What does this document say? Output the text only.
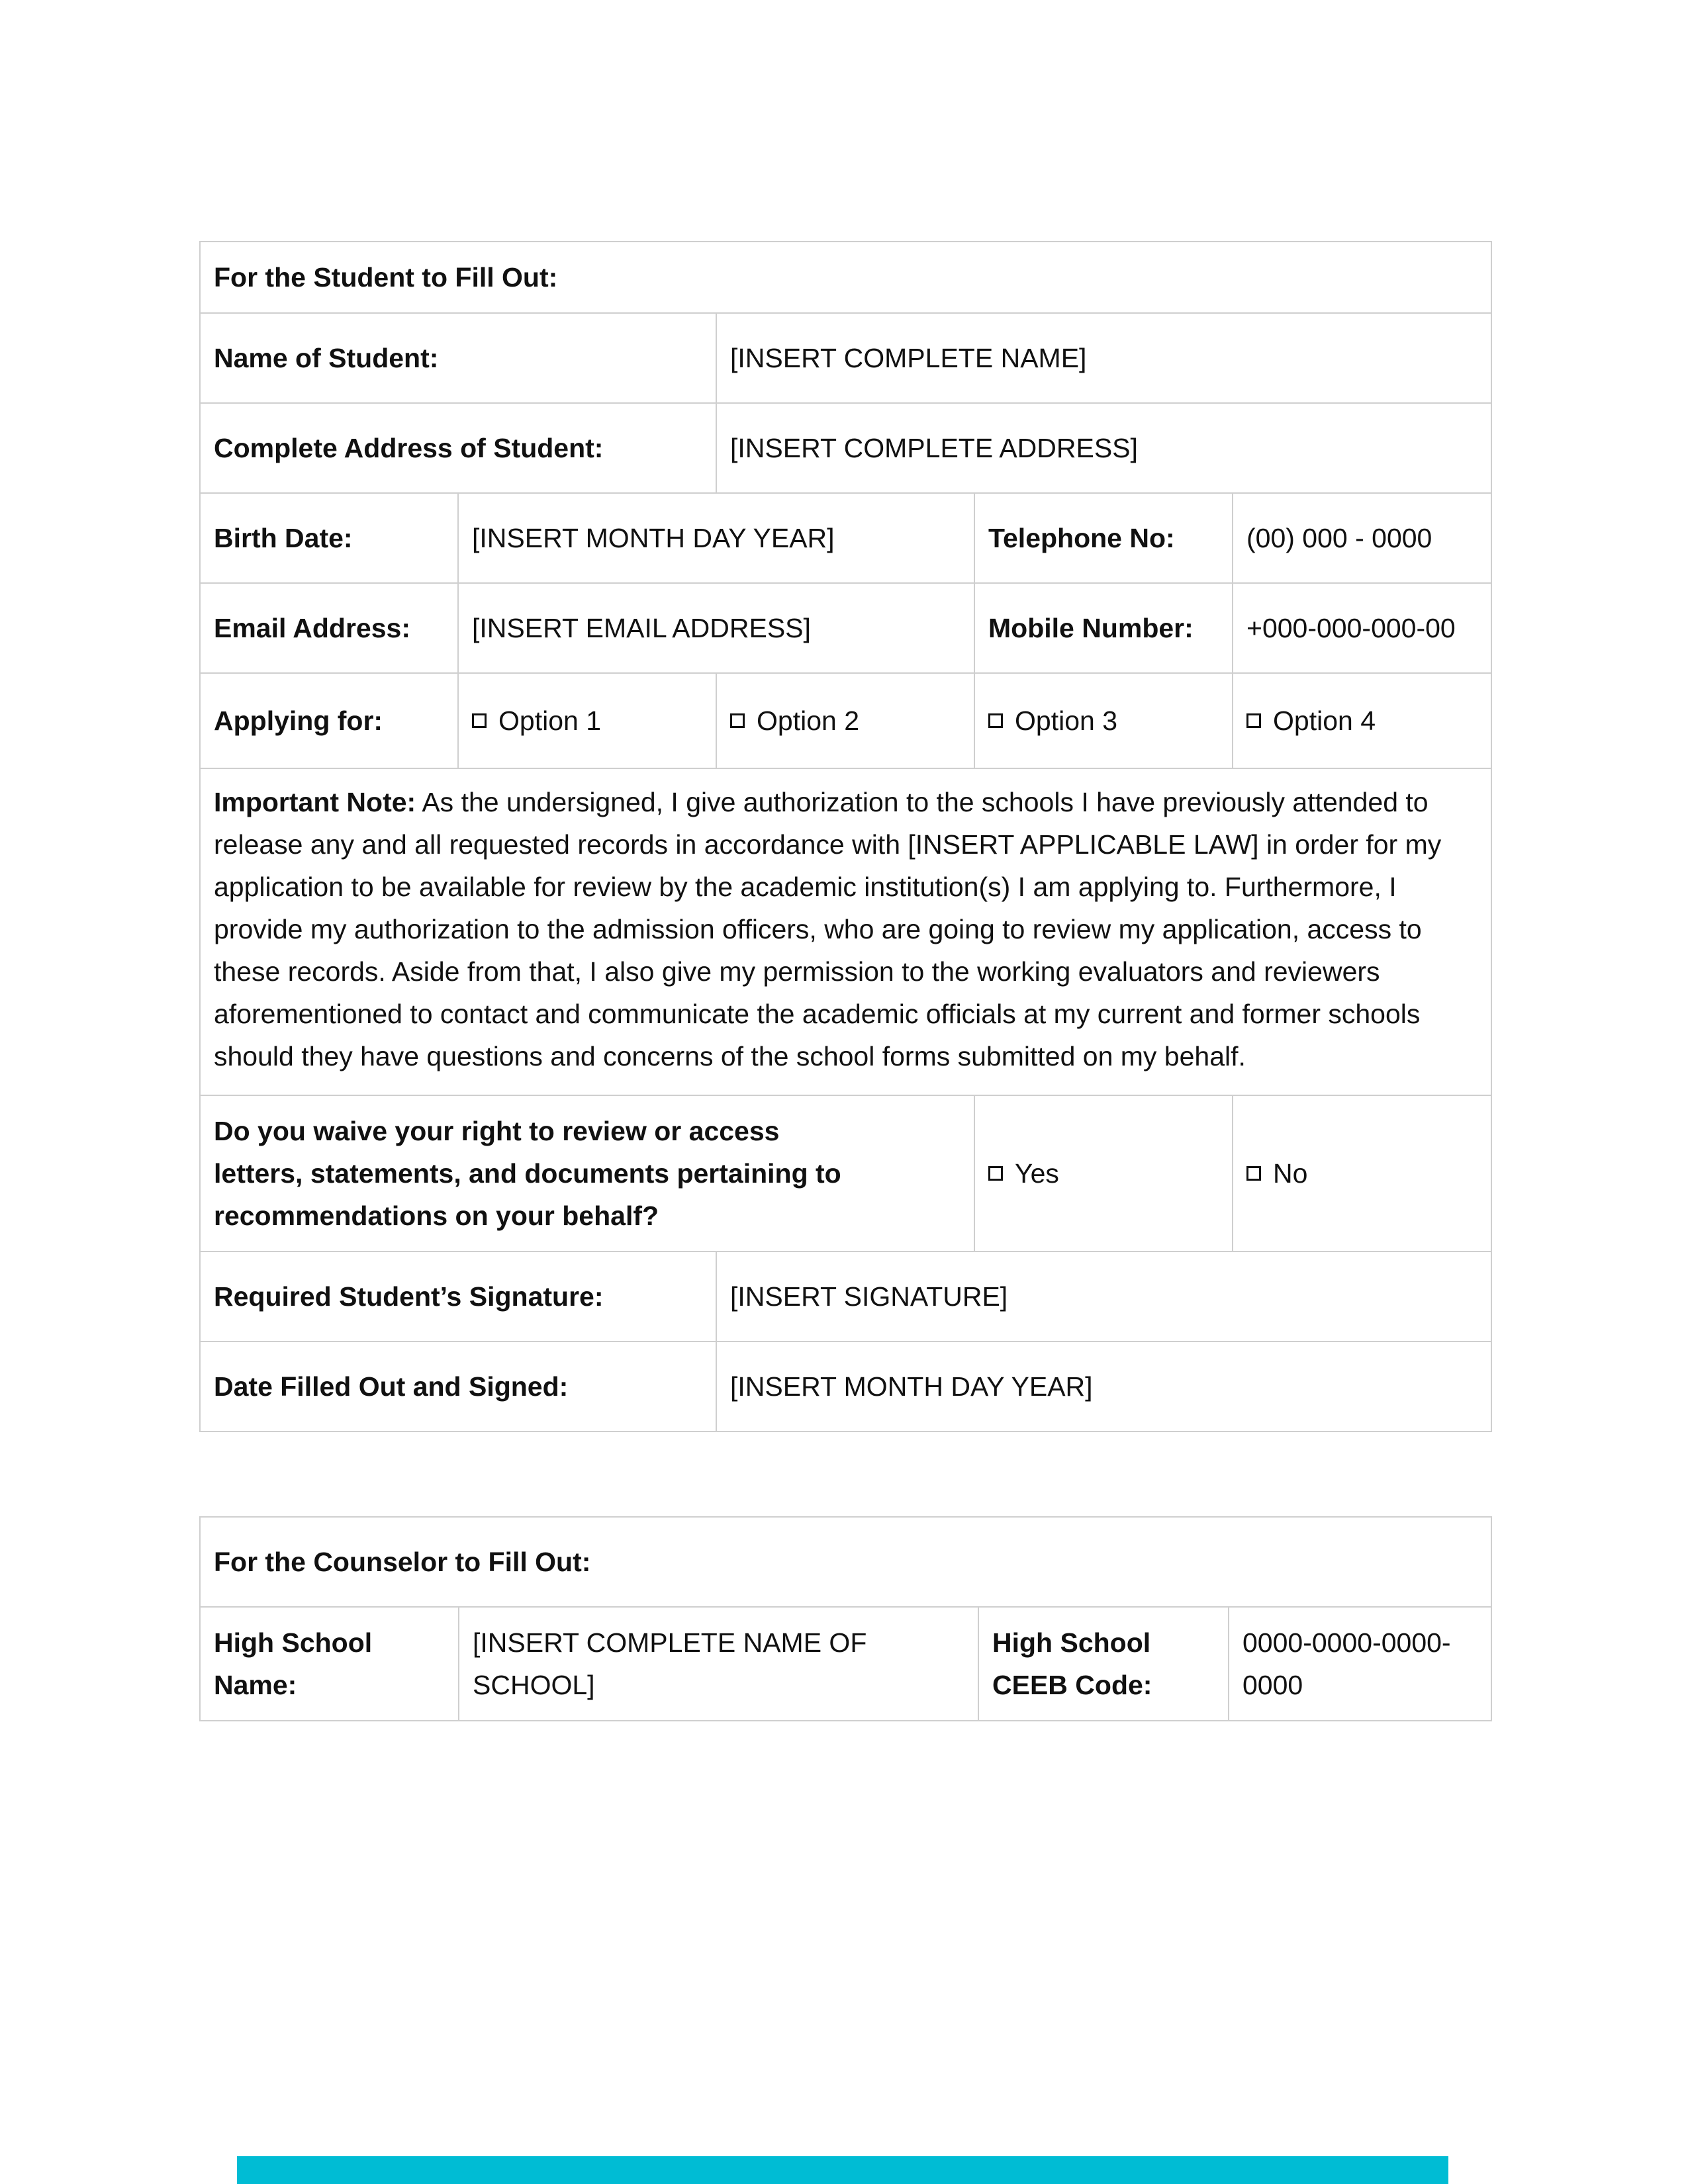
For the Student to Fill Out:				
Name of Student:		[INSERT COMPLETE NAME]		
Complete Address of Student:		[INSERT COMPLETE ADDRESS]		
Birth Date:	[INSERT MONTH DAY YEAR]		Telephone No:	(00) 000 - 0000
Email Address:	[INSERT EMAIL ADDRESS]		Mobile Number:	+000-000-000-00
Applying for:	Option 1	Option 2	Option 3	Option 4

Important Note: As the undersigned, I give authorization to the schools I have previously attended to release any and all requested records in accordance with [INSERT APPLICABLE LAW] in order for my application to be available for review by the academic institution(s) I am applying to. Furthermore, I provide my authorization to the admission officers, who are going to review my application, access to these records. Aside from that, I also give my permission to the working evaluators and reviewers aforementioned to contact and communicate the academic officials at my current and former schools should they have questions and concerns of the school forms submitted on my behalf.				
Do you waive your right to review or access letters, statements, and documents pertaining to recommendations on your behalf?			Yes	No

Required Student’s Signature:		[INSERT SIGNATURE]		
Date Filled Out and Signed:		[INSERT MONTH DAY YEAR]		
For the Counselor to Fill Out:
High School Name:	[INSERT COMPLETE NAME OF SCHOOL]	High School CEEB Code:	0000-0000-0000-0000
